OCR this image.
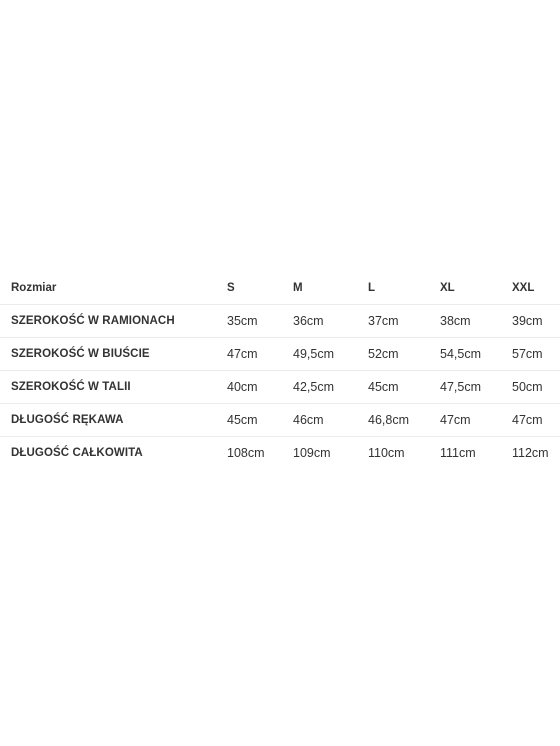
Rozmiar	S	M	L	XL	XXL
SZEROKOŚĆ W RAMIONACH	35cm	36cm	37cm	38cm	39cm
SZEROKOŚĆ W BIUŚCIE	47cm	49,5cm	52cm	54,5cm	57cm
SZEROKOŚĆ W TALII	40cm	42,5cm	45cm	47,5cm	50cm
DŁUGOŚĆ RĘKAWA	45cm	46cm	46,8cm	47cm	47cm
DŁUGOŚĆ CAŁKOWITA	108cm	109cm	110cm	111cm	112cm
